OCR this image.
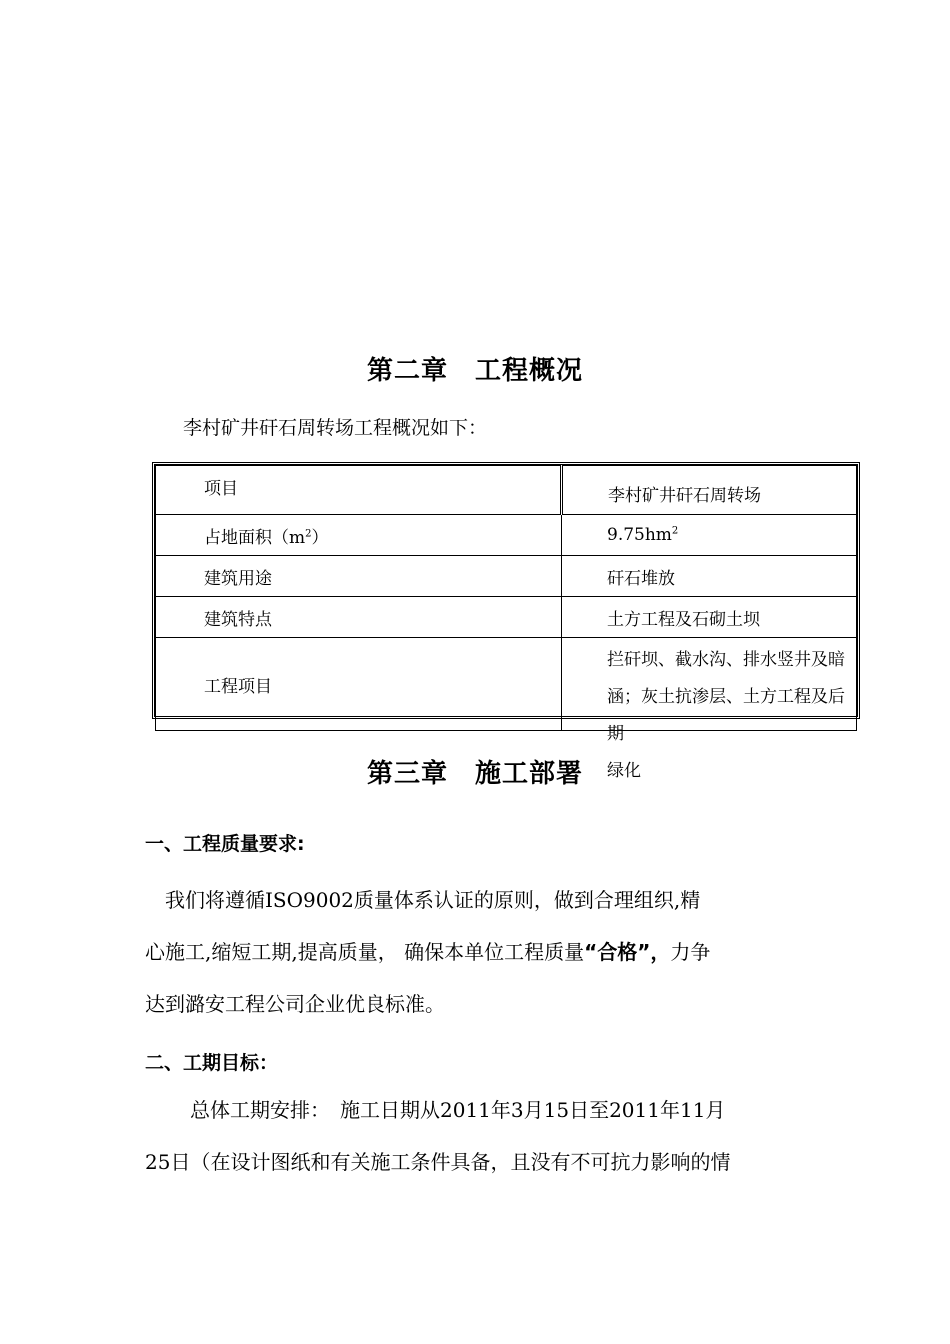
第二章　工程概况
李村矿井矸石周转场工程概况如下：
项目	李村矿井矸石周转场
占地面积$(m^2)$	$9.75hm^2$
建筑用途	矸石堆放
建筑特点	土方工程及石砌土坝
工程项目	拦矸坝、截水沟、排水竖井及暗
涵；灰土抗渗层、土方工程及后期
绿化
第三章　施工部署
一、工程质量要求:
　我们将遵循ISO9002质量体系认证的原则，做到合理组织,精
心施工,缩短工期,提高质量， 确保本单位工程质量“合格”，力争
达到潞安工程公司企业优良标准。
二、工期目标：
总体工期安排：　施工日期从2011年3月15日至2011年11月
25日（在设计图纸和有关施工条件具备，且没有不可抗力影响的情
